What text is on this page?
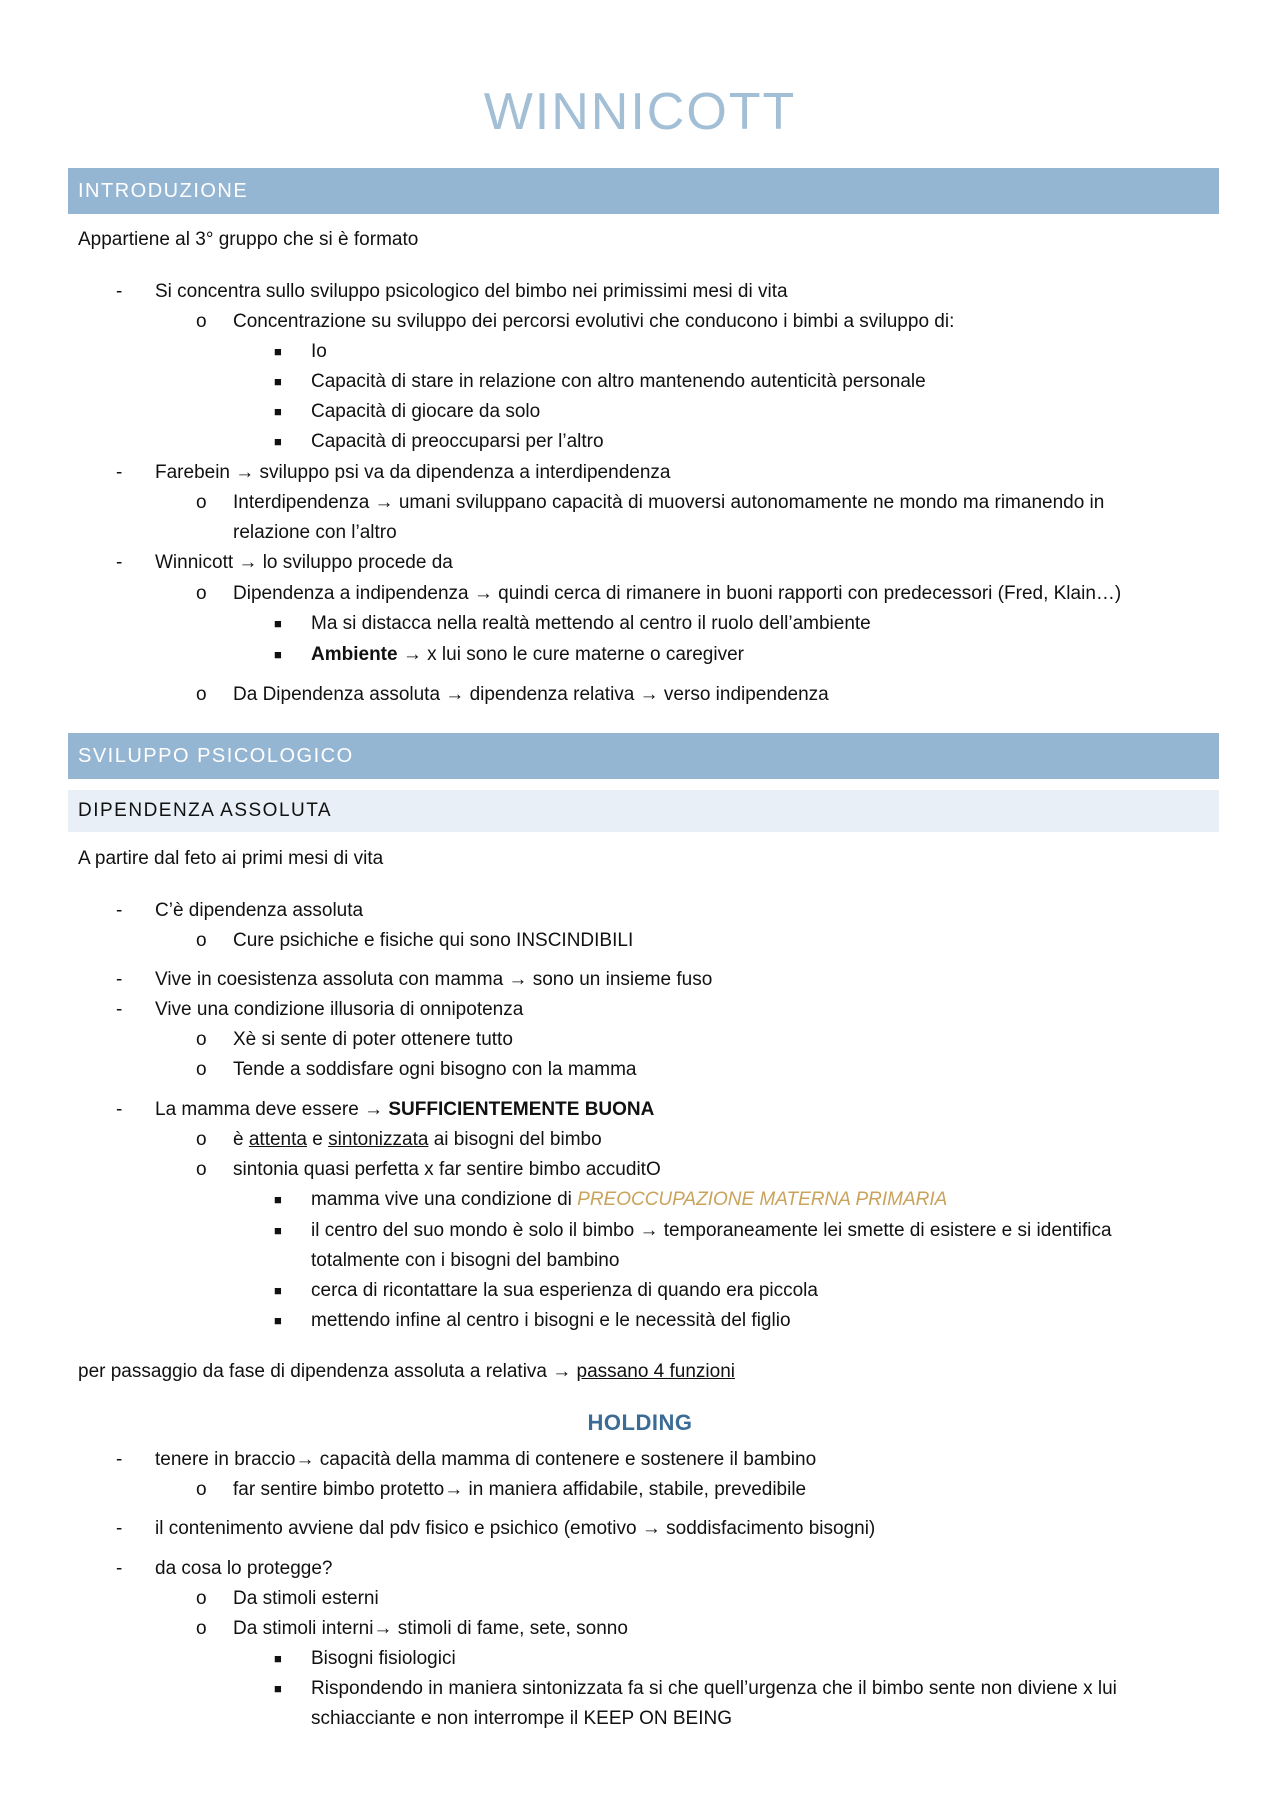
WINNICOTT
INTRODUZIONE
Appartiene al 3° gruppo che si è formato
- Si concentra sullo sviluppo psicologico del bimbo nei primissimi mesi di vita
o Concentrazione su sviluppo dei percorsi evolutivi che conducono i bimbi a sviluppo di:
■ Io
■ Capacità di stare in relazione con altro mantenendo autenticità personale
■ Capacità di giocare da solo
■ Capacità di preoccuparsi per l’altro
- Farebein → sviluppo psi va da dipendenza a interdipendenza
o Interdipendenza → umani sviluppano capacità di muoversi autonomamente ne mondo ma rimanendo in
relazione con l’altro
- Winnicott → lo sviluppo procede da
o Dipendenza a indipendenza → quindi cerca di rimanere in buoni rapporti con predecessori (Fred, Klain…)
■ Ma si distacca nella realtà mettendo al centro il ruolo dell’ambiente
■ Ambiente → x lui sono le cure materne o caregiver
o Da Dipendenza assoluta → dipendenza relativa → verso indipendenza
SVILUPPO PSICOLOGICO
DIPENDENZA ASSOLUTA
A partire dal feto ai primi mesi di vita
- C’è dipendenza assoluta
o Cure psichiche e fisiche qui sono INSCINDIBILI
- Vive in coesistenza assoluta con mamma → sono un insieme fuso
- Vive una condizione illusoria di onnipotenza
o Xè si sente di poter ottenere tutto
o Tende a soddisfare ogni bisogno con la mamma
- La mamma deve essere → SUFFICIENTEMENTE BUONA
o è attenta e sintonizzata ai bisogni del bimbo
o sintonia quasi perfetta x far sentire bimbo accuditO
■ mamma vive una condizione di PREOCCUPAZIONE MATERNA PRIMARIA
■ il centro del suo mondo è solo il bimbo → temporaneamente lei smette di esistere e si identifica
totalmente con i bisogni del bambino
■ cerca di ricontattare la sua esperienza di quando era piccola
■ mettendo infine al centro i bisogni e le necessità del figlio
per passaggio da fase di dipendenza assoluta a relativa → passano 4 funzioni
HOLDING
- tenere in braccio→ capacità della mamma di contenere e sostenere il bambino
o far sentire bimbo protetto→ in maniera affidabile, stabile, prevedibile
- il contenimento avviene dal pdv fisico e psichico (emotivo → soddisfacimento bisogni)
- da cosa lo protegge?
o Da stimoli esterni
o Da stimoli interni→ stimoli di fame, sete, sonno
■ Bisogni fisiologici
■ Rispondendo in maniera sintonizzata fa si che quell’urgenza che il bimbo sente non diviene x lui
schiacciante e non interrompe il KEEP ON BEING
